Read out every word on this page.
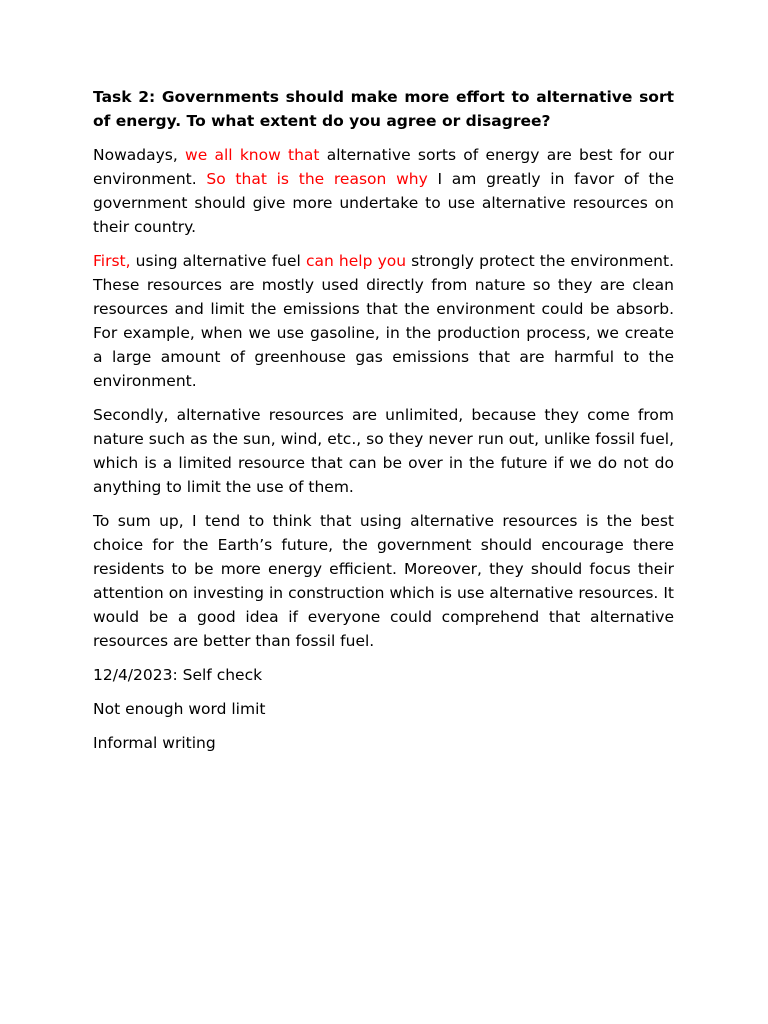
Task 2: Governments should make more effort to alternative sort of energy. To what extent do you agree or disagree?

Nowadays, we all know that alternative sorts of energy are best for our environment. So that is the reason why I am greatly in favor of the government should give more undertake to use alternative resources on their country.

First, using alternative fuel can help you strongly protect the environment. These resources are mostly used directly from nature so they are clean resources and limit the emissions that the environment could be absorb. For example, when we use gasoline, in the production process, we create a large amount of greenhouse gas emissions that are harmful to the environment.

Secondly, alternative resources are unlimited, because they come from nature such as the sun, wind, etc., so they never run out, unlike fossil fuel, which is a limited resource that can be over in the future if we do not do anything to limit the use of them.

To sum up, I tend to think that using alternative resources is the best choice for the Earth’s future, the government should encourage there residents to be more energy efficient. Moreover, they should focus their attention on investing in construction which is use alternative resources. It would be a good idea if everyone could comprehend that alternative resources are better than fossil fuel.

12/4/2023: Self check

Not enough word limit

Informal writing
